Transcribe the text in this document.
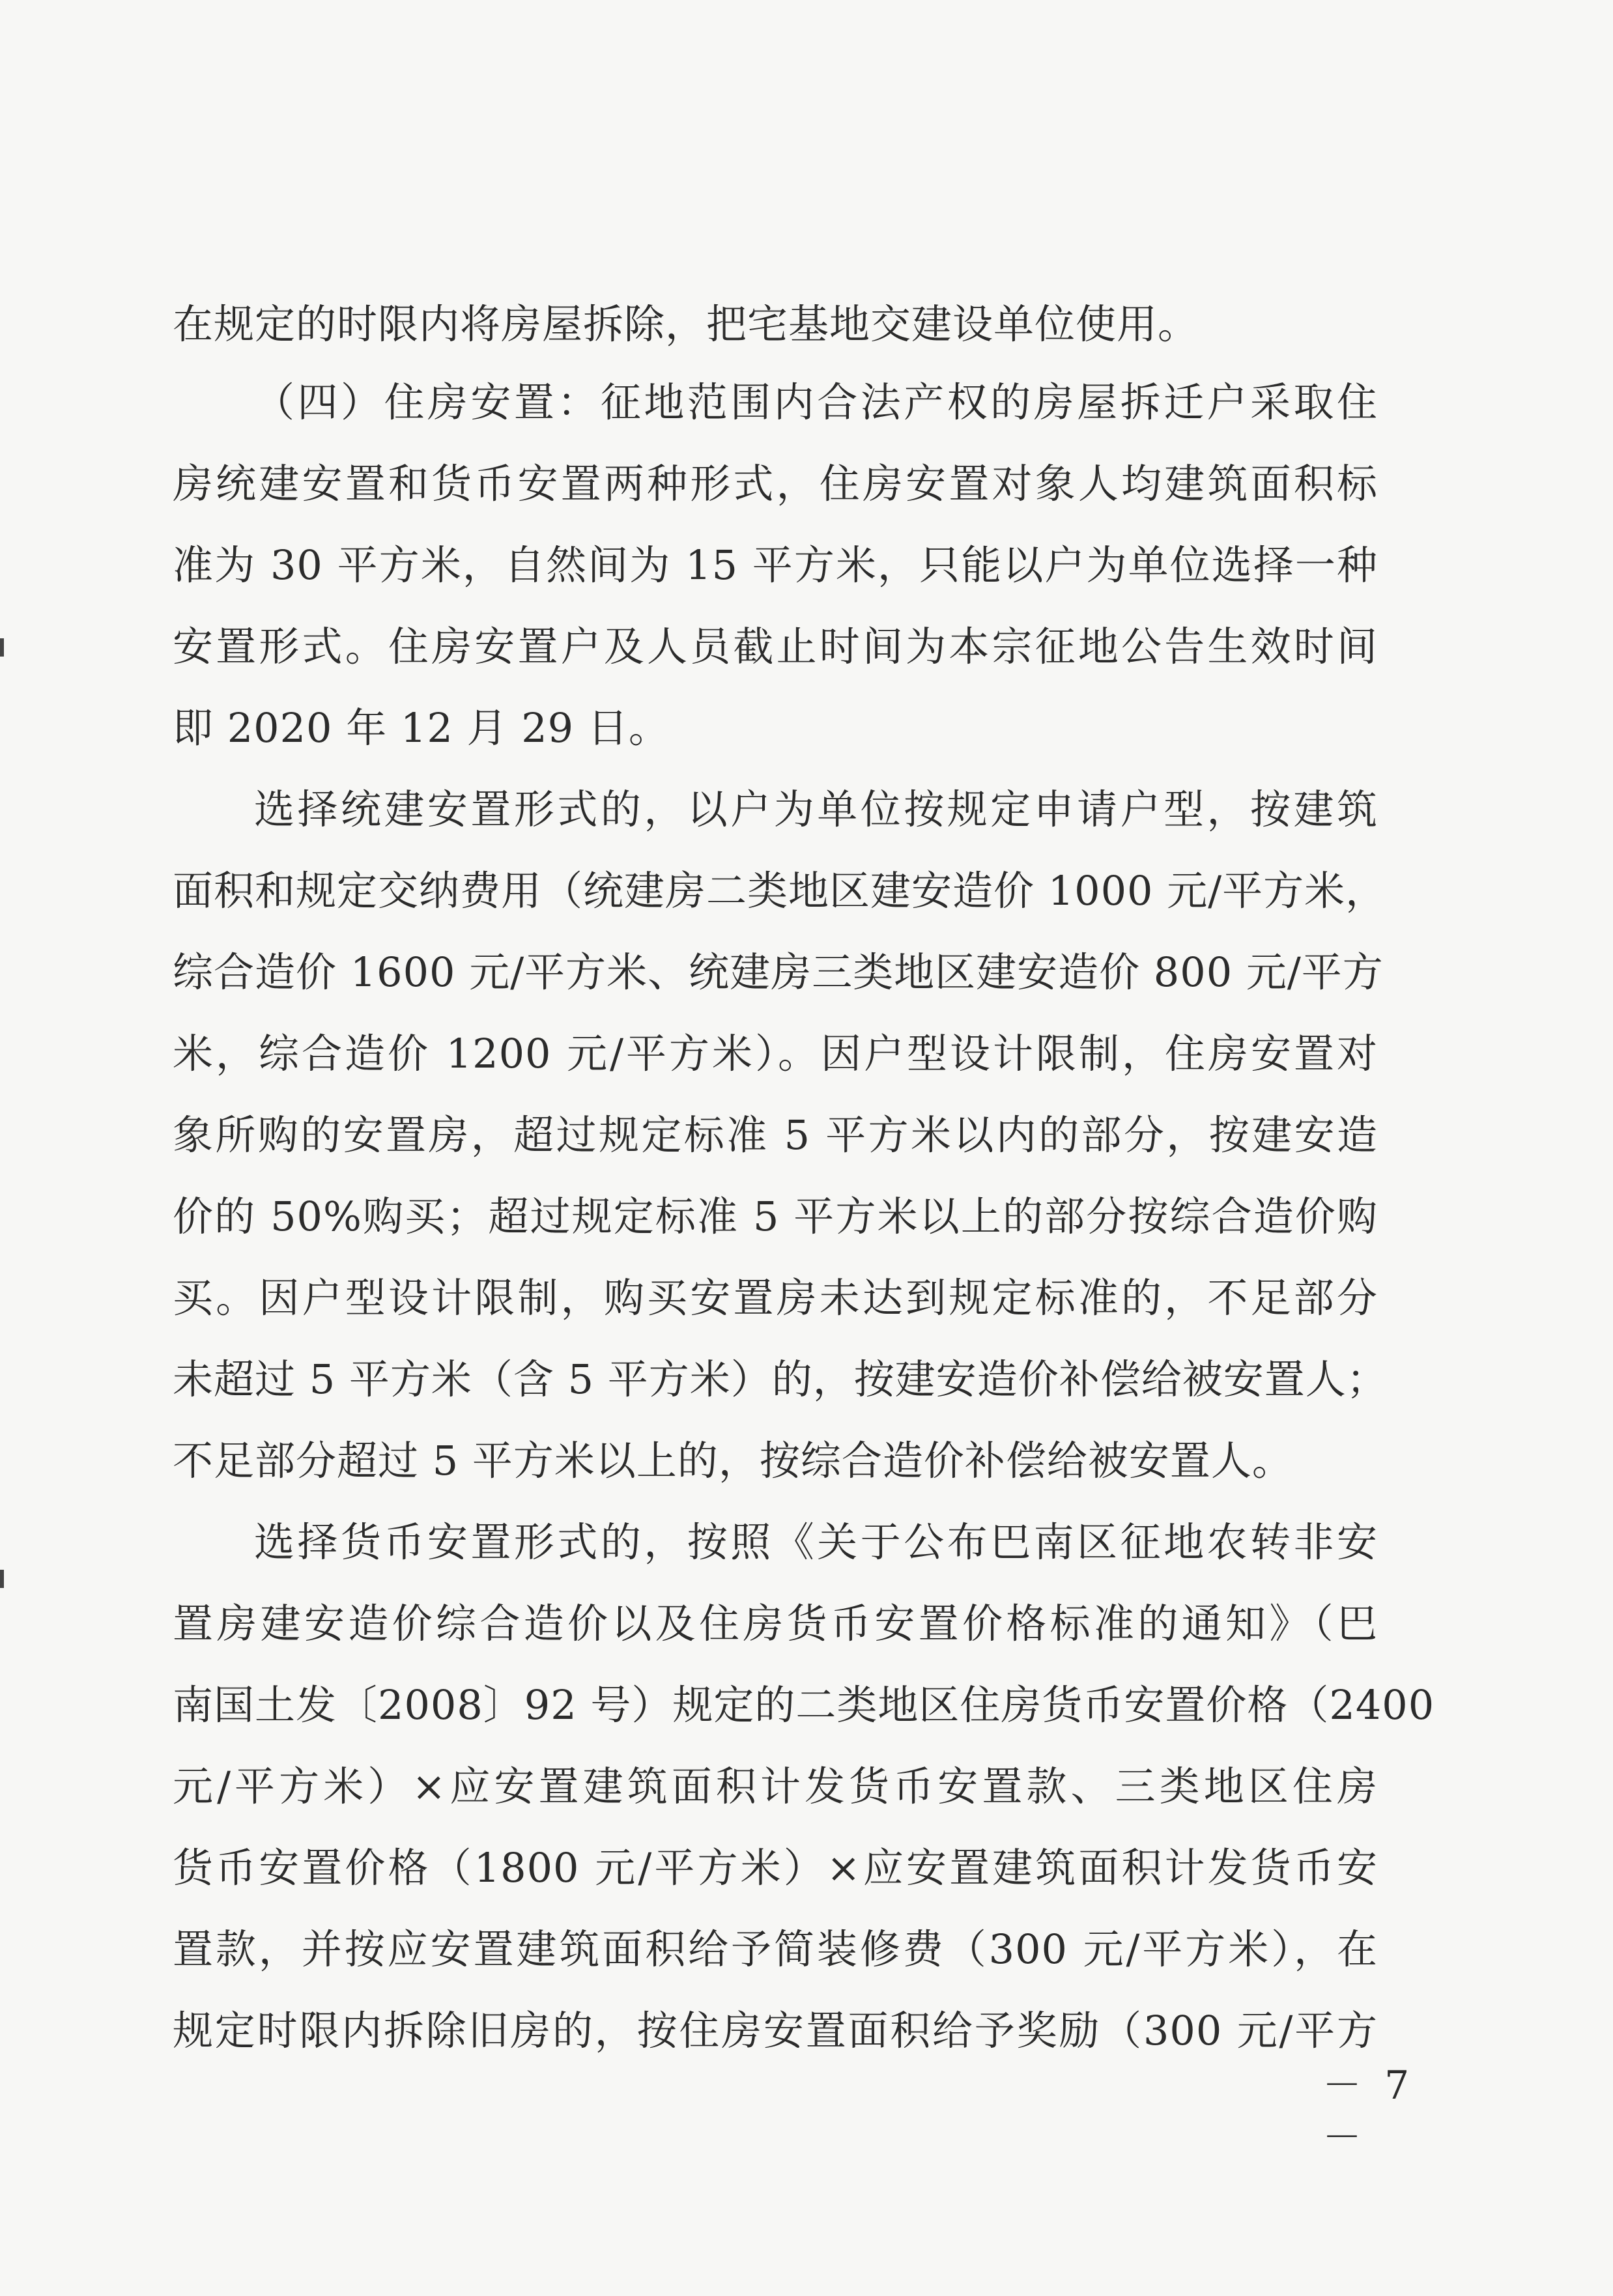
在规定的时限内将房屋拆除，把宅基地交建设单位使用。
（四）住房安置：征地范围内合法产权的房屋拆迁户采取住
房统建安置和货币安置两种形式，住房安置对象人均建筑面积标
准为 30 平方米，自然间为 15 平方米，只能以户为单位选择一种
安置形式。住房安置户及人员截止时间为本宗征地公告生效时间
即 2020 年 12 月 29 日。
选择统建安置形式的，以户为单位按规定申请户型，按建筑
面积和规定交纳费用（统建房二类地区建安造价 1000 元/平方米，
综合造价 1600 元/平方米、统建房三类地区建安造价 800 元/平方
米，综合造价 1200 元/平方米）。因户型设计限制，住房安置对
象所购的安置房，超过规定标准 5 平方米以内的部分，按建安造
价的 50%购买；超过规定标准 5 平方米以上的部分按综合造价购
买。因户型设计限制，购买安置房未达到规定标准的，不足部分
未超过 5 平方米（含 5 平方米）的，按建安造价补偿给被安置人；
不足部分超过 5 平方米以上的，按综合造价补偿给被安置人。
选择货币安置形式的，按照《关于公布巴南区征地农转非安
置房建安造价综合造价以及住房货币安置价格标准的通知》（巴
南国土发〔2008〕92 号）规定的二类地区住房货币安置价格（2400
元/平方米）×应安置建筑面积计发货币安置款、三类地区住房
货币安置价格（1800 元/平方米）×应安置建筑面积计发货币安
置款，并按应安置建筑面积给予简装修费（300 元/平方米），在
规定时限内拆除旧房的，按住房安置面积给予奖励（300 元/平方
－ 7 －
